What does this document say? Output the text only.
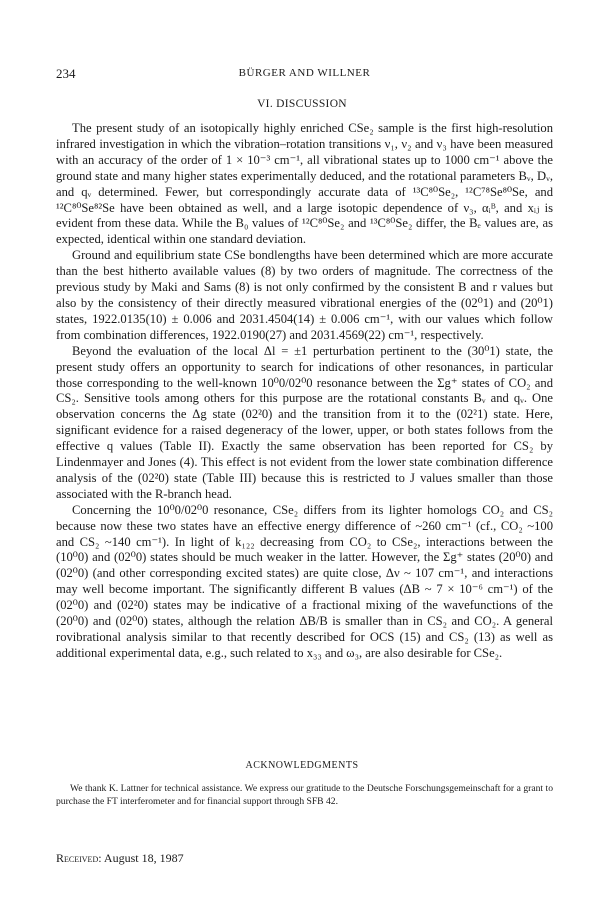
234	BÜRGER AND WILLNER
VI. DISCUSSION

The present study of an isotopically highly enriched CSe₂ sample is the first high-resolution infrared investigation in which the vibration–rotation transitions ν₁, ν₂ and ν₃ have been measured with an accuracy of the order of 1 × 10⁻³ cm⁻¹, all vibrational states up to 1000 cm⁻¹ above the ground state and many higher states experimentally deduced, and the rotational parameters Bᵥ, Dᵥ, and qᵥ determined. Fewer, but correspondingly accurate data of ¹³C⁸⁰Se₂, ¹²C⁷⁸Se⁸⁰Se, and ¹²C⁸⁰Se⁸²Se have been obtained as well, and a large isotopic dependence of ν₃, αᵢᴮ, and xᵢⱼ is evident from these data. While the B₀ values of ¹²C⁸⁰Se₂ and ¹³C⁸⁰Se₂ differ, the Bₑ values are, as expected, identical within one standard deviation.

Ground and equilibrium state CSe bondlengths have been determined which are more accurate than the best hitherto available values (8) by two orders of magnitude. The correctness of the previous study by Maki and Sams (8) is not only confirmed by the consistent B and r values but also by the consistency of their directly measured vibrational energies of the (02⁰1) and (20⁰1) states, 1922.0135(10) ± 0.006 and 2031.4504(14) ± 0.006 cm⁻¹, with our values which follow from combination differences, 1922.0190(27) and 2031.4569(22) cm⁻¹, respectively.

Beyond the evaluation of the local Δl = ±1 perturbation pertinent to the (30⁰1) state, the present study offers an opportunity to search for indications of other resonances, in particular those corresponding to the well-known 10⁰0/02⁰0 resonance between the Σg⁺ states of CO₂ and CS₂. Sensitive tools among others for this purpose are the rotational constants Bᵥ and qᵥ. One observation concerns the Δg state (02²0) and the transition from it to the (02²1) state. Here, significant evidence for a raised degeneracy of the lower, upper, or both states follows from the effective q values (Table II). Exactly the same observation has been reported for CS₂ by Lindenmayer and Jones (4). This effect is not evident from the lower state combination difference analysis of the (02²0) state (Table III) because this is restricted to J values smaller than those associated with the R-branch head.

Concerning the 10⁰0/02⁰0 resonance, CSe₂ differs from its lighter homologs CO₂ and CS₂ because now these two states have an effective energy difference of ~260 cm⁻¹ (cf., CO₂ ~100 and CS₂ ~140 cm⁻¹). In light of k₁₂₂ decreasing from CO₂ to CSe₂, interactions between the (10⁰0) and (02⁰0) states should be much weaker in the latter. However, the Σg⁺ states (20⁰0) and (02⁰0) (and other corresponding excited states) are quite close, Δν ~ 107 cm⁻¹, and interactions may well become important. The significantly different B values (ΔB ~ 7 × 10⁻⁶ cm⁻¹) of the (02⁰0) and (02²0) states may be indicative of a fractional mixing of the wavefunctions of the (20⁰0) and (02⁰0) states, although the relation ΔB/B is smaller than in CS₂ and CO₂. A general rovibrational analysis similar to that recently described for OCS (15) and CS₂ (13) as well as additional experimental data, e.g., such related to x₃₃ and ω₃, are also desirable for CSe₂.

ACKNOWLEDGMENTS
We thank K. Lattner for technical assistance. We express our gratitude to the Deutsche Forschungsgemeinschaft for a grant to purchase the FT interferometer and for financial support through SFB 42.
Received: August 18, 1987
